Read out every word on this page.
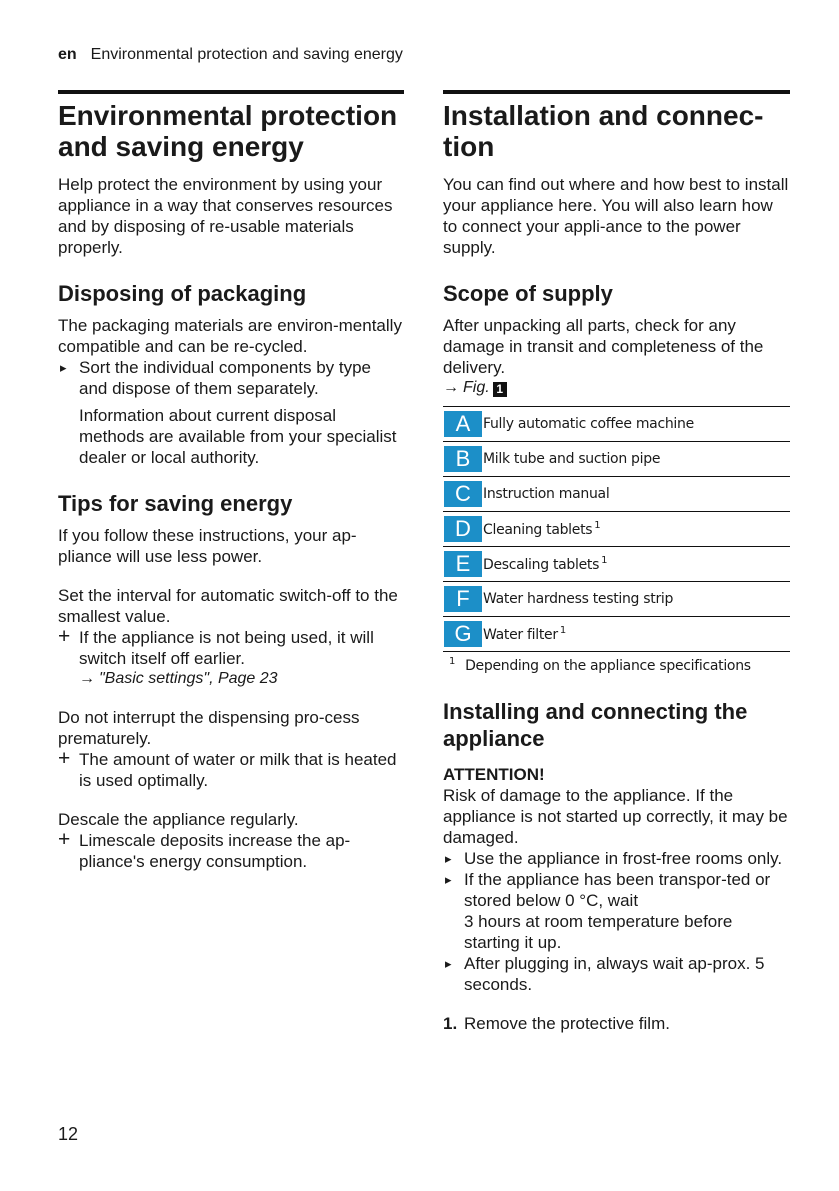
en Environmental protection and saving energy
Environmental protection and saving energy

Help protect the environment by using your appliance in a way that conserves resources and by disposing of re-usable materials properly.

Disposing of packaging

The packaging materials are environ-mentally compatible and can be re-cycled.

▸ Sort the individual components by type and dispose of them separately.
Information about current disposal methods are available from your specialist dealer or local authority.
Tips for saving energy

If you follow these instructions, your ap-pliance will use less power.

Set the interval for automatic switch-off to the smallest value.

+ If the appliance is not being used, it will switch itself off earlier.
→ "Basic settings", Page 23

Do not interrupt the dispensing pro-cess prematurely.

+ The amount of water or milk that is heated is used optimally.

Descale the appliance regularly.

+ Limescale deposits increase the ap-pliance's energy consumption.
Installation and connec-tion

You can find out where and how best to install your appliance here. You will also learn how to connect your appli-ance to the power supply.

Scope of supply

After unpacking all parts, check for any damage in transit and completeness of the delivery.

→ Fig. 1
A	Fully automatic coffee machine
B	Milk tube and suction pipe
C	Instruction manual
D	Cleaning tablets $^1$
E	Descaling tablets $^1$
F	Water hardness testing strip
G	Water filter $^1$
$^1$ Depending on the appliance specifications
Installing and connecting the appliance
ATTENTION!

Risk of damage to the appliance. If the appliance is not started up correctly, it may be damaged.

▸ Use the appliance in frost-free rooms only.
▸ If the appliance has been transpor-ted or stored below 0 °C, wait
3 hours at room temperature before starting it up.
▸ After plugging in, always wait ap-prox. 5 seconds.
1. Remove the protective film.
12
